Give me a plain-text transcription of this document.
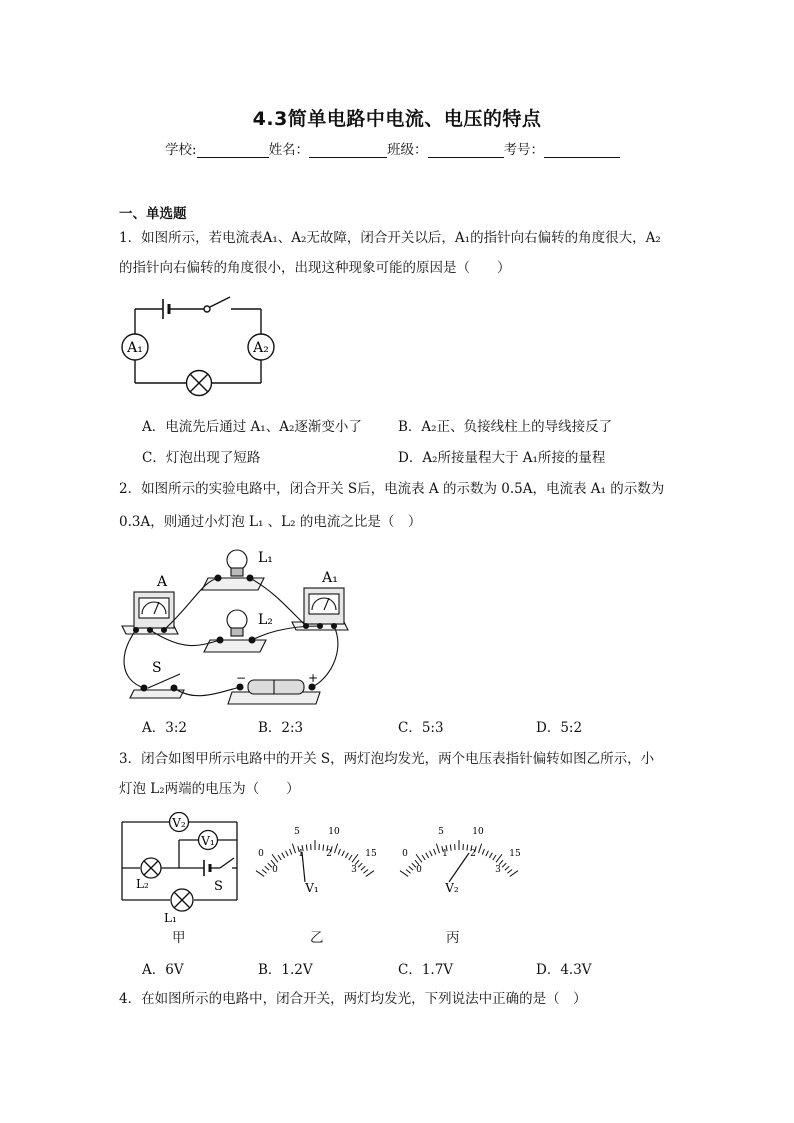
4.3简单电路中电流、电压的特点
学校:	姓名：	班级：	考号：
一、单选题
1．如图所示，若电流表A₁、A₂无故障，闭合开关以后，A₁的指针向右偏转的角度很大，A₂
的指针向右偏转的角度很小，出现这种现象可能的原因是（　　）
A₁	A₂
A．电流先后通过 A₁、A₂逐渐变小了	B．A₂正、负接线柱上的导线接反了
C．灯泡出现了短路	D．A₂所接量程大于 A₁所接的量程
2．如图所示的实验电路中，闭合开关 S后，电流表 A 的示数为 0.5A，电流表 A₁ 的示数为
0.3A，则通过小灯泡 L₁ 、L₂ 的电流之比是（　）
A	A₁
L₁
L₂
S
−	+
A．3:2	B．2:3	C．5:3	D．5:2
3．闭合如图甲所示电路中的开关 S，两灯泡均发光，两个电压表指针偏转如图乙所示，小
灯泡 L₂两端的电压为（　　）
V₂
V₁
L₂	S
L₁
甲
0
5	10
15
0
1 2
3
V₁
乙
0
5	10
15
0
1 2
3
V₂
丙
A．6V	B．1.2V	C．1.7V	D．4.3V
4．在如图所示的电路中，闭合开关，两灯均发光，下列说法中正确的是（　）
